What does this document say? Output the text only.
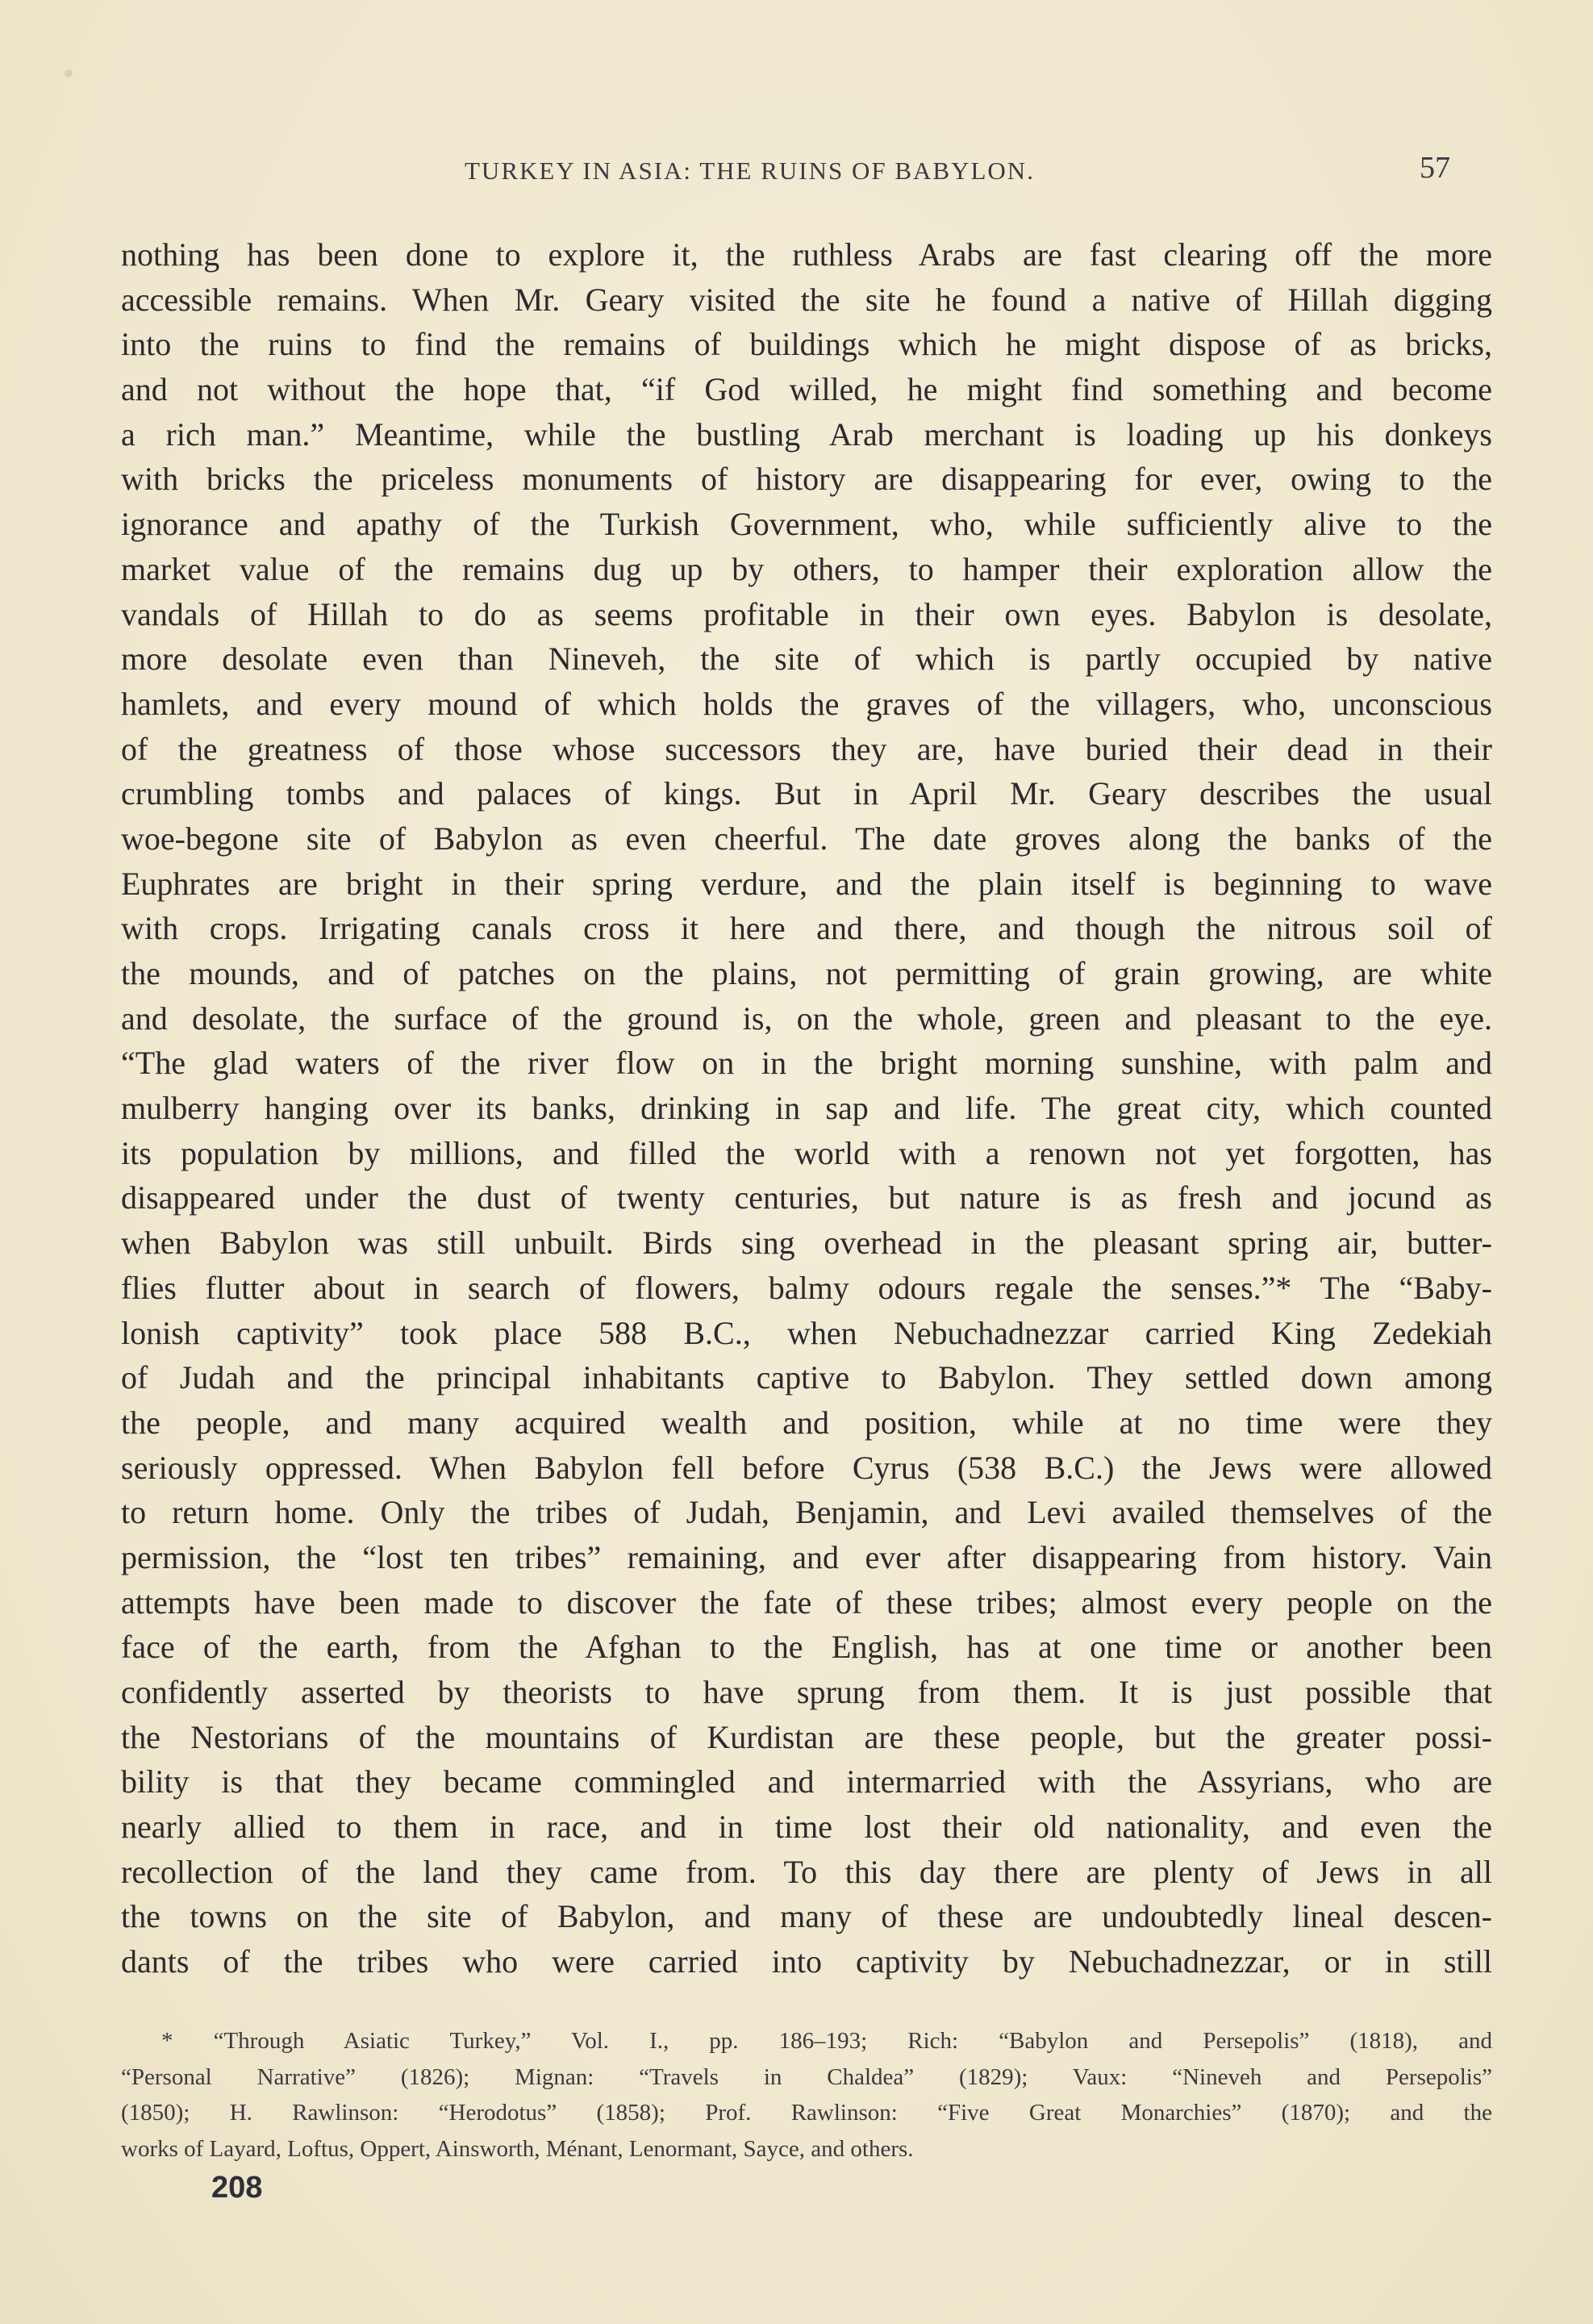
TURKEY IN ASIA: THE RUINS OF BABYLON.	57
nothing has been done to explore it, the ruthless Arabs are fast clearing off the more
accessible remains. When Mr. Geary visited the site he found a native of Hillah digging
into the ruins to find the remains of buildings which he might dispose of as bricks,
and not without the hope that, “if God willed, he might find something and become
a rich man.” Meantime, while the bustling Arab merchant is loading up his donkeys
with bricks the priceless monuments of history are disappearing for ever, owing to the
ignorance and apathy of the Turkish Government, who, while sufficiently alive to the
market value of the remains dug up by others, to hamper their exploration allow the
vandals of Hillah to do as seems profitable in their own eyes. Babylon is desolate,
more desolate even than Nineveh, the site of which is partly occupied by native
hamlets, and every mound of which holds the graves of the villagers, who, unconscious
of the greatness of those whose successors they are, have buried their dead in their
crumbling tombs and palaces of kings. But in April Mr. Geary describes the usual
woe-begone site of Babylon as even cheerful. The date groves along the banks of the
Euphrates are bright in their spring verdure, and the plain itself is beginning to wave
with crops. Irrigating canals cross it here and there, and though the nitrous soil of
the mounds, and of patches on the plains, not permitting of grain growing, are white
and desolate, the surface of the ground is, on the whole, green and pleasant to the eye.
“The glad waters of the river flow on in the bright morning sunshine, with palm and
mulberry hanging over its banks, drinking in sap and life. The great city, which counted
its population by millions, and filled the world with a renown not yet forgotten, has
disappeared under the dust of twenty centuries, but nature is as fresh and jocund as
when Babylon was still unbuilt. Birds sing overhead in the pleasant spring air, butter-
flies flutter about in search of flowers, balmy odours regale the senses.”* The “Baby-
lonish captivity” took place 588 B.C., when Nebuchadnezzar carried King Zedekiah
of Judah and the principal inhabitants captive to Babylon. They settled down among
the people, and many acquired wealth and position, while at no time were they
seriously oppressed. When Babylon fell before Cyrus (538 B.C.) the Jews were allowed
to return home. Only the tribes of Judah, Benjamin, and Levi availed themselves of the
permission, the “lost ten tribes” remaining, and ever after disappearing from history. Vain
attempts have been made to discover the fate of these tribes; almost every people on the
face of the earth, from the Afghan to the English, has at one time or another been
confidently asserted by theorists to have sprung from them. It is just possible that
the Nestorians of the mountains of Kurdistan are these people, but the greater possi-
bility is that they became commingled and intermarried with the Assyrians, who are
nearly allied to them in race, and in time lost their old nationality, and even the
recollection of the land they came from. To this day there are plenty of Jews in all
the towns on the site of Babylon, and many of these are undoubtedly lineal descen-
dants of the tribes who were carried into captivity by Nebuchadnezzar, or in still
* “Through Asiatic Turkey,” Vol. I., pp. 186–193; Rich: “Babylon and Persepolis” (1818), and
“Personal Narrative” (1826); Mignan: “Travels in Chaldea” (1829); Vaux: “Nineveh and Persepolis”
(1850); H. Rawlinson: “Herodotus” (1858); Prof. Rawlinson: “Five Great Monarchies” (1870); and the
works of Layard, Loftus, Oppert, Ainsworth, Ménant, Lenormant, Sayce, and others.
208
